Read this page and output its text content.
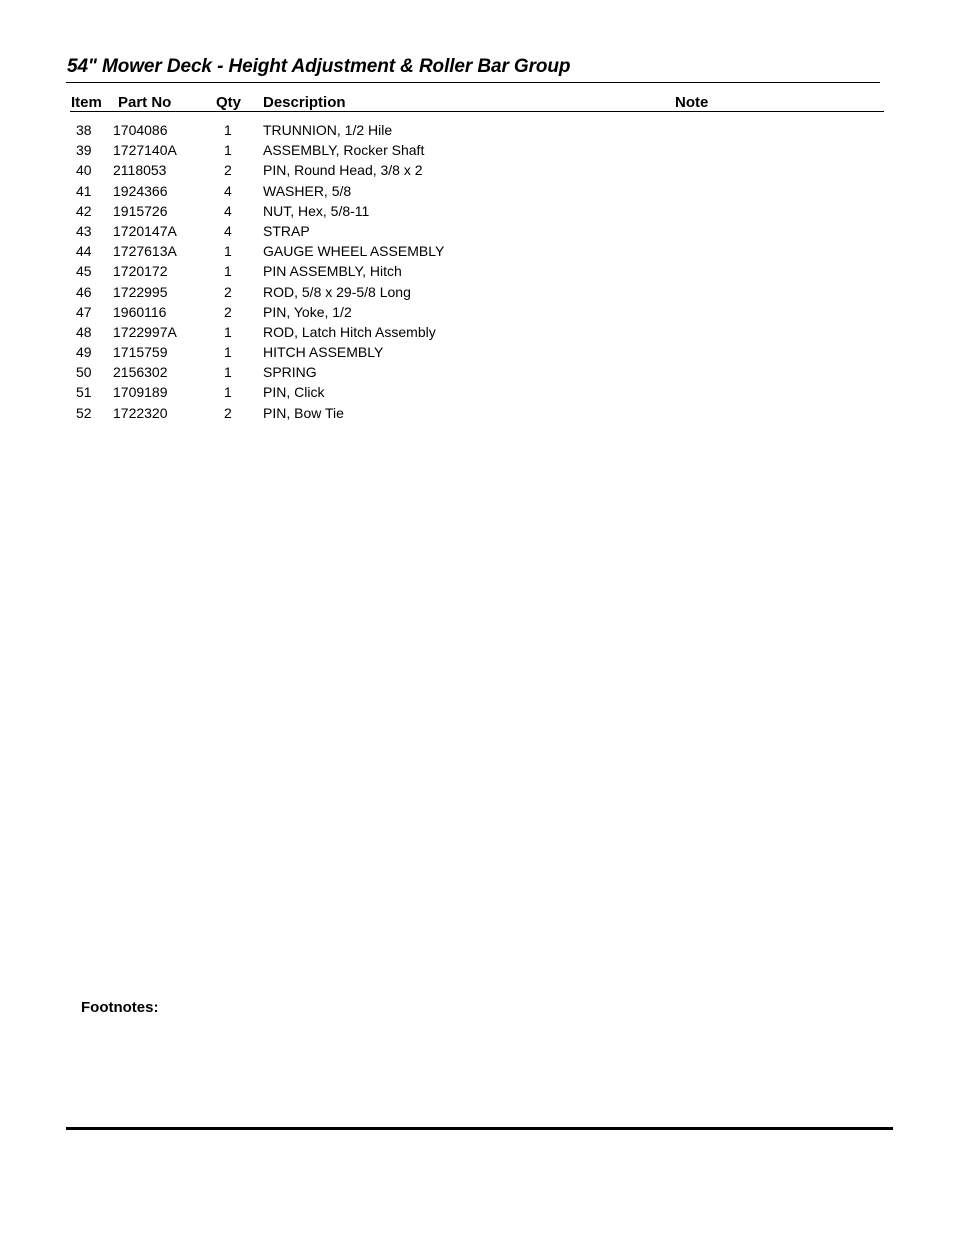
54" Mower Deck - Height Adjustment & Roller Bar Group
Item Part No	Qty Description	Note
38 1704086	1 TRUNNION, 1/2 Hile
39 1727140A	1 ASSEMBLY, Rocker Shaft
40 2118053	2 PIN, Round Head, 3/8 x 2
41 1924366	4 WASHER, 5/8
42 1915726	4 NUT, Hex, 5/8-11
43 1720147A	4 STRAP
44 1727613A	1 GAUGE WHEEL ASSEMBLY
45 1720172	1 PIN ASSEMBLY, Hitch
46 1722995	2 ROD, 5/8 x 29-5/8 Long
47 1960116	2 PIN, Yoke, 1/2
48 1722997A	1 ROD, Latch Hitch Assembly
49 1715759	1 HITCH ASSEMBLY
50 2156302	1 SPRING
51 1709189	1 PIN, Click
52 1722320	2 PIN, Bow Tie
Footnotes:
